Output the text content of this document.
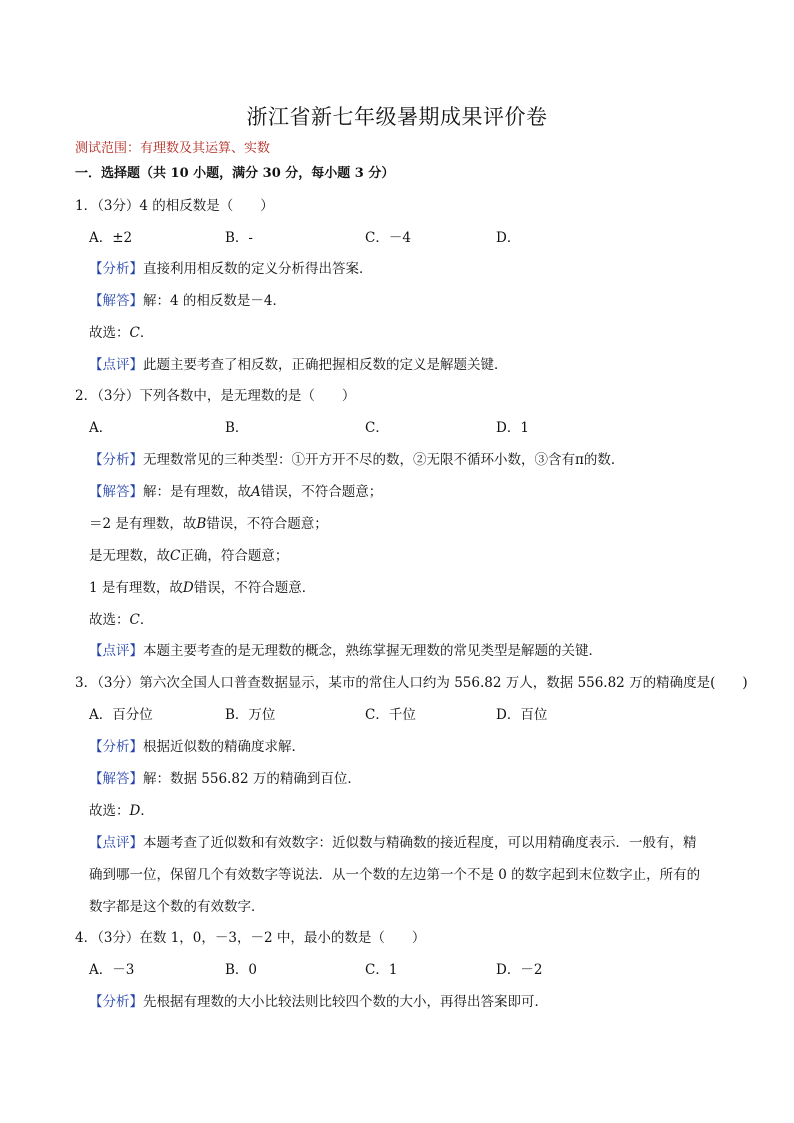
浙江省新七年级暑期成果评价卷
测试范围：有理数及其运算、实数
一．选择题（共 10 小题，满分 30 分，每小题 3 分）
1．（3分）4 的相反数是（　　）
A．±2	B．-	C．－4	D．
【分析】直接利用相反数的定义分析得出答案．
【解答】解：4 的相反数是－4．
故选：C．
【点评】此题主要考查了相反数，正确把握相反数的定义是解题关键．
2．（3分）下列各数中，是无理数的是（　　）
A．	B．	C．	D．1
【分析】无理数常见的三种类型：①开方开不尽的数，②无限不循环小数，③含有π的数．
【解答】解：是有理数，故A错误，不符合题意；
＝2 是有理数，故B错误，不符合题意；
是无理数，故C正确，符合题意；
1 是有理数，故D错误，不符合题意．
故选：C．
【点评】本题主要考查的是无理数的概念，熟练掌握无理数的常见类型是解题的关键．
3．（3分）第六次全国人口普查数据显示，某市的常住人口约为 556.82 万人，数据 556.82 万的精确度是(　　)
A．百分位	B．万位	C．千位	D．百位
【分析】根据近似数的精确度求解．
【解答】解：数据 556.82 万的精确到百位．
故选：D．
【点评】本题考查了近似数和有效数字：近似数与精确数的接近程度，可以用精确度表示．一般有，精
确到哪一位，保留几个有效数字等说法．从一个数的左边第一个不是 0 的数字起到末位数字止，所有的
数字都是这个数的有效数字．
4．（3分）在数 1，0，－3，－2 中，最小的数是（　　）
A．－3	B．0	C．1	D．－2
【分析】先根据有理数的大小比较法则比较四个数的大小，再得出答案即可．
